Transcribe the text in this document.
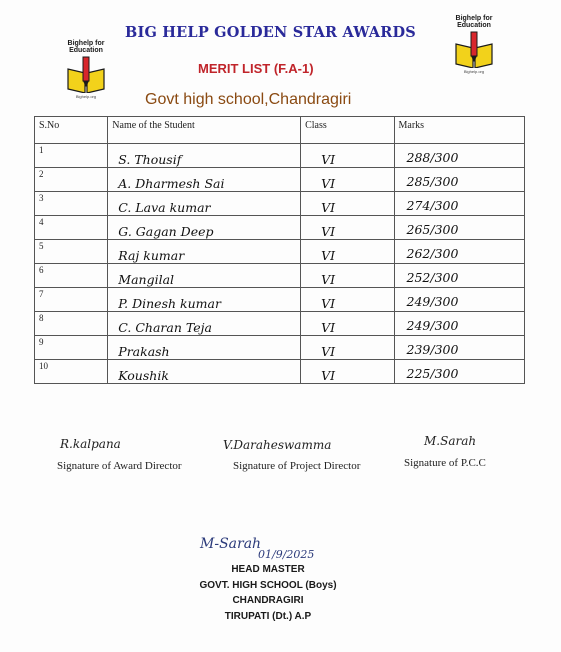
Bighelp for Education
Bighelp.org
Bighelp for Education
Bighelp.org
BIG HELP GOLDEN STAR AWARDS
MERIT LIST (F.A-1)
Govt high school,Chandragiri
S.No	Name of the Student	Class	Marks
1	S. Thousif	VI	288/300

2	A. Dharmesh Sai	VI	285/300

3	C. Lava kumar	VI	274/300

4	G. Gagan Deep	VI	265/300

5	Raj kumar	VI	262/300

6	Mangilal	VI	252/300

7	P. Dinesh kumar	VI	249/300

8	C. Charan Teja	VI	249/300

9	Prakash	VI	239/300

10	Koushik	VI	225/300
R.kalpana
Signature of Award Director
V.Daraheswamma
Signature of Project Director
M.Sarah
Signature of P.C.C
M-Sarah
01/9/2025
HEAD MASTER
GOVT. HIGH SCHOOL (Boys)
CHANDRAGIRI
TIRUPATI (Dt.) A.P
